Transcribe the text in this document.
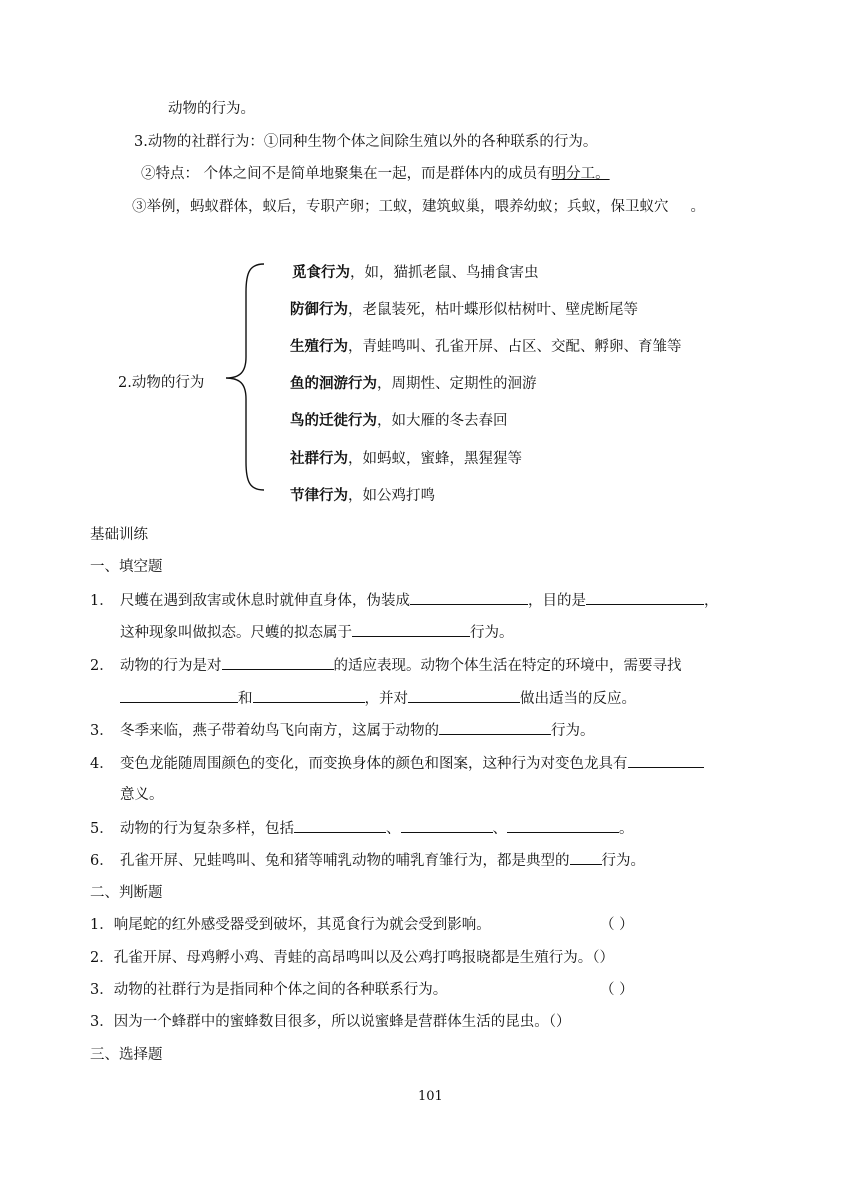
动物的行为。
3.动物的社群行为：①同种生物个体之间除生殖以外的各种联系的行为。
②特点： 个体之间不是简单地聚集在一起，而是群体内的成员有明分工。
③举例，蚂蚁群体，蚁后，专职产卵；工蚁，建筑蚁巢，喂养幼蚁；兵蚁，保卫蚁穴 。
2.动物的行为
觅食行为，如，猫抓老鼠、鸟捕食害虫
防御行为，老鼠装死，枯叶蝶形似枯树叶、壁虎断尾等
生殖行为，青蛙鸣叫、孔雀开屏、占区、交配、孵卵、育雏等
鱼的洄游行为，周期性、定期性的洄游
鸟的迁徙行为，如大雁的冬去春回
社群行为，如蚂蚁，蜜蜂，黑猩猩等
节律行为，如公鸡打鸣
基础训练
一、填空题
1． 尺蠖在遇到敌害或休息时就伸直身体，伪装成	，目的是	，
这种现象叫做拟态。尺蠖的拟态属于	行为。
2． 动物的行为是对	的适应表现。动物个体生活在特定的环境中，需要寻找
和	，并对	做出适当的反应。
3． 冬季来临，燕子带着幼鸟飞向南方，这属于动物的	行为。
4． 变色龙能随周围颜色的变化，而变换身体的颜色和图案，这种行为对变色龙具有
意义。
5． 动物的行为复杂多样，包括	、	、	。
6． 孔雀开屏、兄蛙鸣叫、兔和猪等哺乳动物的哺乳育雏行为，都是典型的 行为。
二、判断题
1．响尾蛇的红外感受器受到破坏，其觅食行为就会受到影响。	（ ）
2．孔雀开屏、母鸡孵小鸡、青蛙的高昂鸣叫以及公鸡打鸣报晓都是生殖行为。（）
3．动物的社群行为是指同种个体之间的各种联系行为。	（ ）
3．因为一个蜂群中的蜜蜂数目很多，所以说蜜蜂是营群体生活的昆虫。（）
三、选择题
101
